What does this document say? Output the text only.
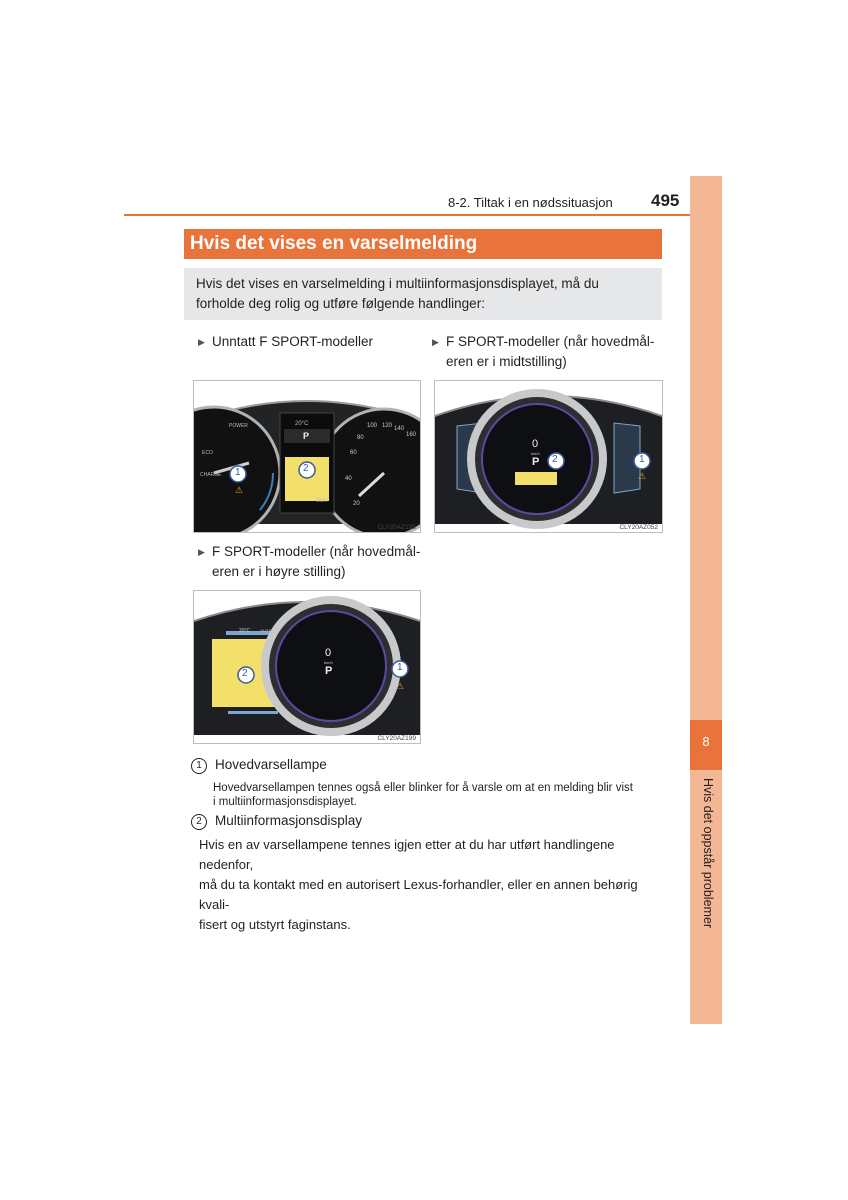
8-2. Tiltak i en nødssituasjon 495
8
Hvis det oppstår problemer
Hvis det vises en varselmelding
Hvis det vises en varselmelding i multiinformasjonsdisplayet, må du forholde deg rolig og utføre følgende handlinger:
▶ Unntatt F SPORT-modeller	▶ F SPORT-modeller (når hovedmål-
eren er i midtstilling)
▶ F SPORT-modeller (når hovedmål-
eren er i høyre stilling)
⚠
POWER
ECO
CHARGE
20°C
P
0km
2
1
20
40
60
80
100 120 140
160
CLY20AZ195
⚠
0
km/h
P 2	1
CLY20AZ052
⚠
20°C OUTSIDE
0
km/h
P
2
1
CLY20AZ199
1 Hovedvarsellampe
Hovedvarsellampen tennes også eller blinker for å varsle om at en melding blir vist
i multiinformasjonsdisplayet.
2 Multiinformasjonsdisplay
Hvis en av varsellampene tennes igjen etter at du har utført handlingene nedenfor,
må du ta kontakt med en autorisert Lexus-forhandler, eller en annen behørig kvali-
fisert og utstyrt faginstans.
